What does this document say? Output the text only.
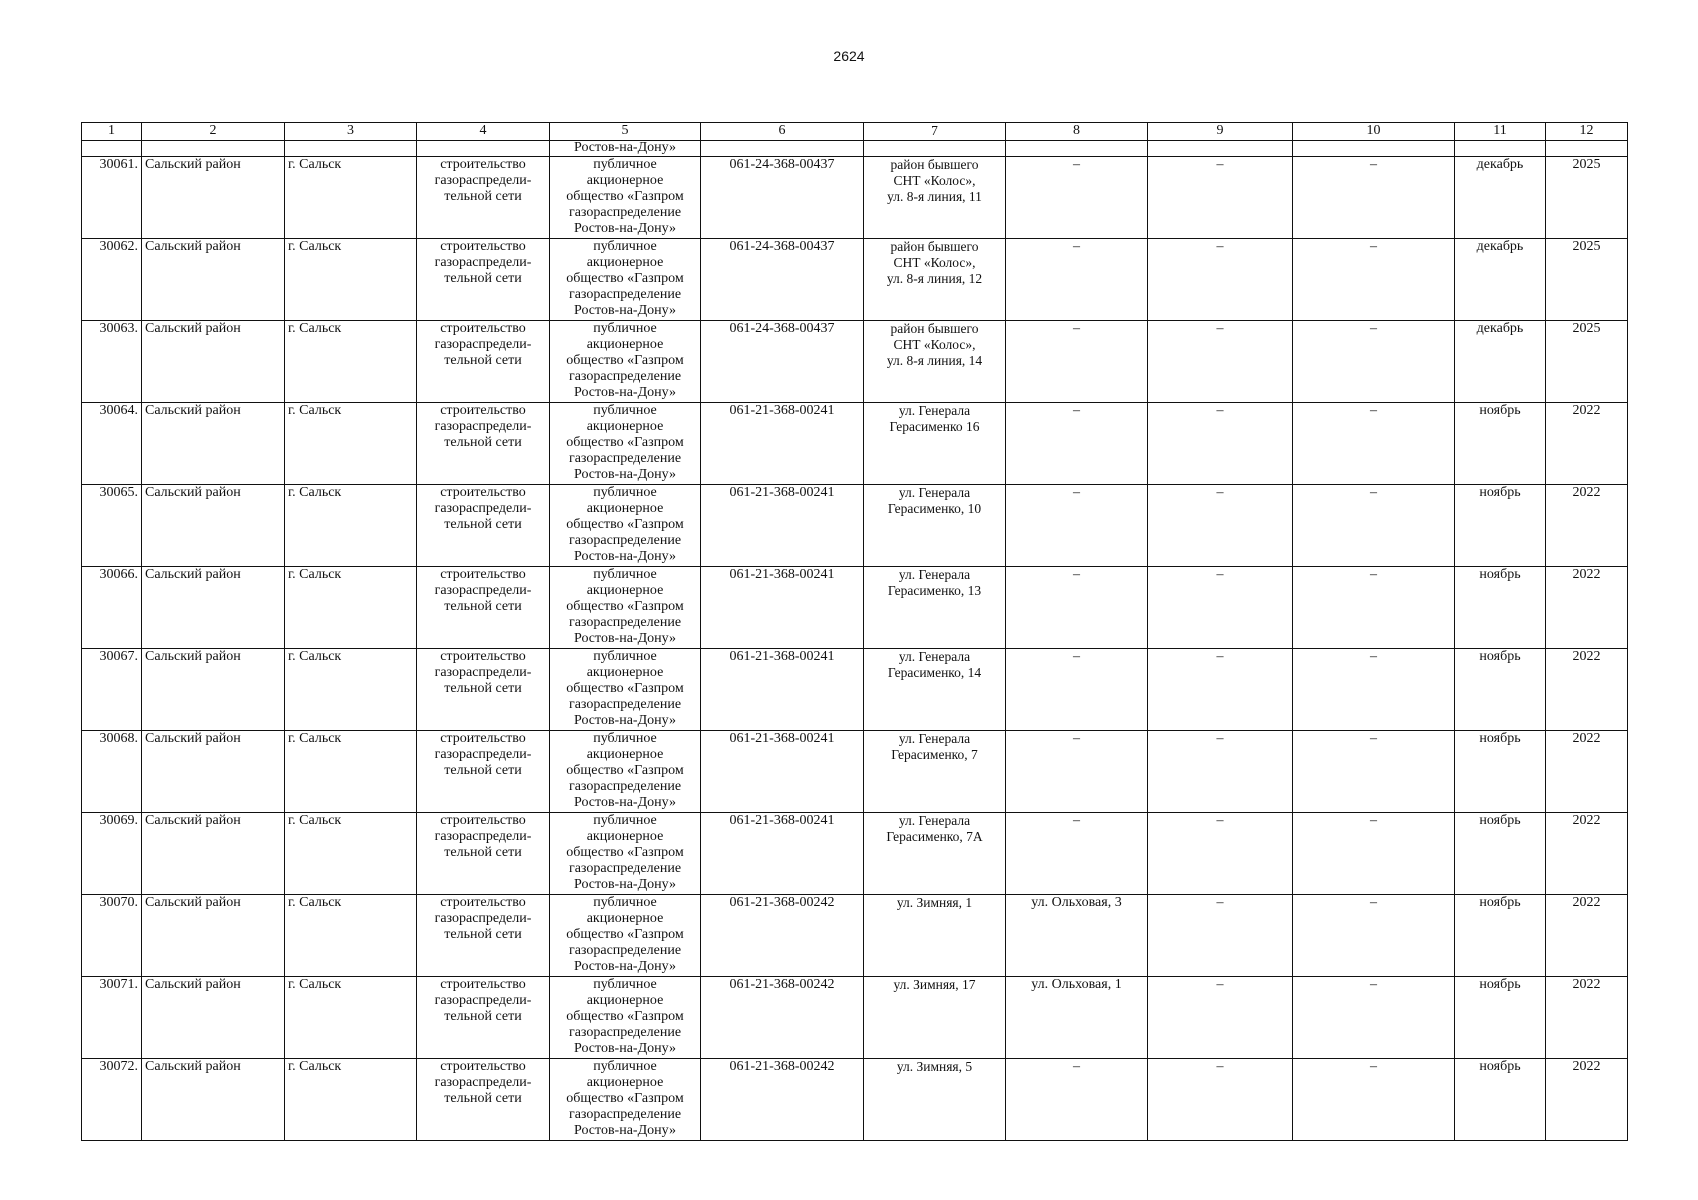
2624
1	2	3	4	5	6	7	8	9	10	11	12
				Ростов-на-Дону»							
30061.	Сальский район	г. Сальск	строительство
газораспредели-
тельной сети	публичное
акционерное
общество «Газпром
газораспределение
Ростов-на-Дону»	061-24-368-00437	район бывшего
СНТ «Колос»,
ул. 8-я линия, 11	–	–	–	декабрь	2025
30062.	Сальский район	г. Сальск	строительство
газораспредели-
тельной сети	публичное
акционерное
общество «Газпром
газораспределение
Ростов-на-Дону»	061-24-368-00437	район бывшего
СНТ «Колос»,
ул. 8-я линия, 12	–	–	–	декабрь	2025
30063.	Сальский район	г. Сальск	строительство
газораспредели-
тельной сети	публичное
акционерное
общество «Газпром
газораспределение
Ростов-на-Дону»	061-24-368-00437	район бывшего
СНТ «Колос»,
ул. 8-я линия, 14	–	–	–	декабрь	2025
30064.	Сальский район	г. Сальск	строительство
газораспредели-
тельной сети	публичное
акционерное
общество «Газпром
газораспределение
Ростов-на-Дону»	061-21-368-00241	ул. Генерала
Герасименко 16	–	–	–	ноябрь	2022
30065.	Сальский район	г. Сальск	строительство
газораспредели-
тельной сети	публичное
акционерное
общество «Газпром
газораспределение
Ростов-на-Дону»	061-21-368-00241	ул. Генерала
Герасименко, 10	–	–	–	ноябрь	2022
30066.	Сальский район	г. Сальск	строительство
газораспредели-
тельной сети	публичное
акционерное
общество «Газпром
газораспределение
Ростов-на-Дону»	061-21-368-00241	ул. Генерала
Герасименко, 13	–	–	–	ноябрь	2022
30067.	Сальский район	г. Сальск	строительство
газораспредели-
тельной сети	публичное
акционерное
общество «Газпром
газораспределение
Ростов-на-Дону»	061-21-368-00241	ул. Генерала
Герасименко, 14	–	–	–	ноябрь	2022
30068.	Сальский район	г. Сальск	строительство
газораспредели-
тельной сети	публичное
акционерное
общество «Газпром
газораспределение
Ростов-на-Дону»	061-21-368-00241	ул. Генерала
Герасименко, 7	–	–	–	ноябрь	2022
30069.	Сальский район	г. Сальск	строительство
газораспредели-
тельной сети	публичное
акционерное
общество «Газпром
газораспределение
Ростов-на-Дону»	061-21-368-00241	ул. Генерала
Герасименко, 7А	–	–	–	ноябрь	2022
30070.	Сальский район	г. Сальск	строительство
газораспредели-
тельной сети	публичное
акционерное
общество «Газпром
газораспределение
Ростов-на-Дону»	061-21-368-00242	ул. Зимняя, 1	ул. Ольховая, 3	–	–	ноябрь	2022
30071.	Сальский район	г. Сальск	строительство
газораспредели-
тельной сети	публичное
акционерное
общество «Газпром
газораспределение
Ростов-на-Дону»	061-21-368-00242	ул. Зимняя, 17	ул. Ольховая, 1	–	–	ноябрь	2022
30072.	Сальский район	г. Сальск	строительство
газораспредели-
тельной сети	публичное
акционерное
общество «Газпром
газораспределение
Ростов-на-Дону»	061-21-368-00242	ул. Зимняя, 5	–	–	–	ноябрь	2022
